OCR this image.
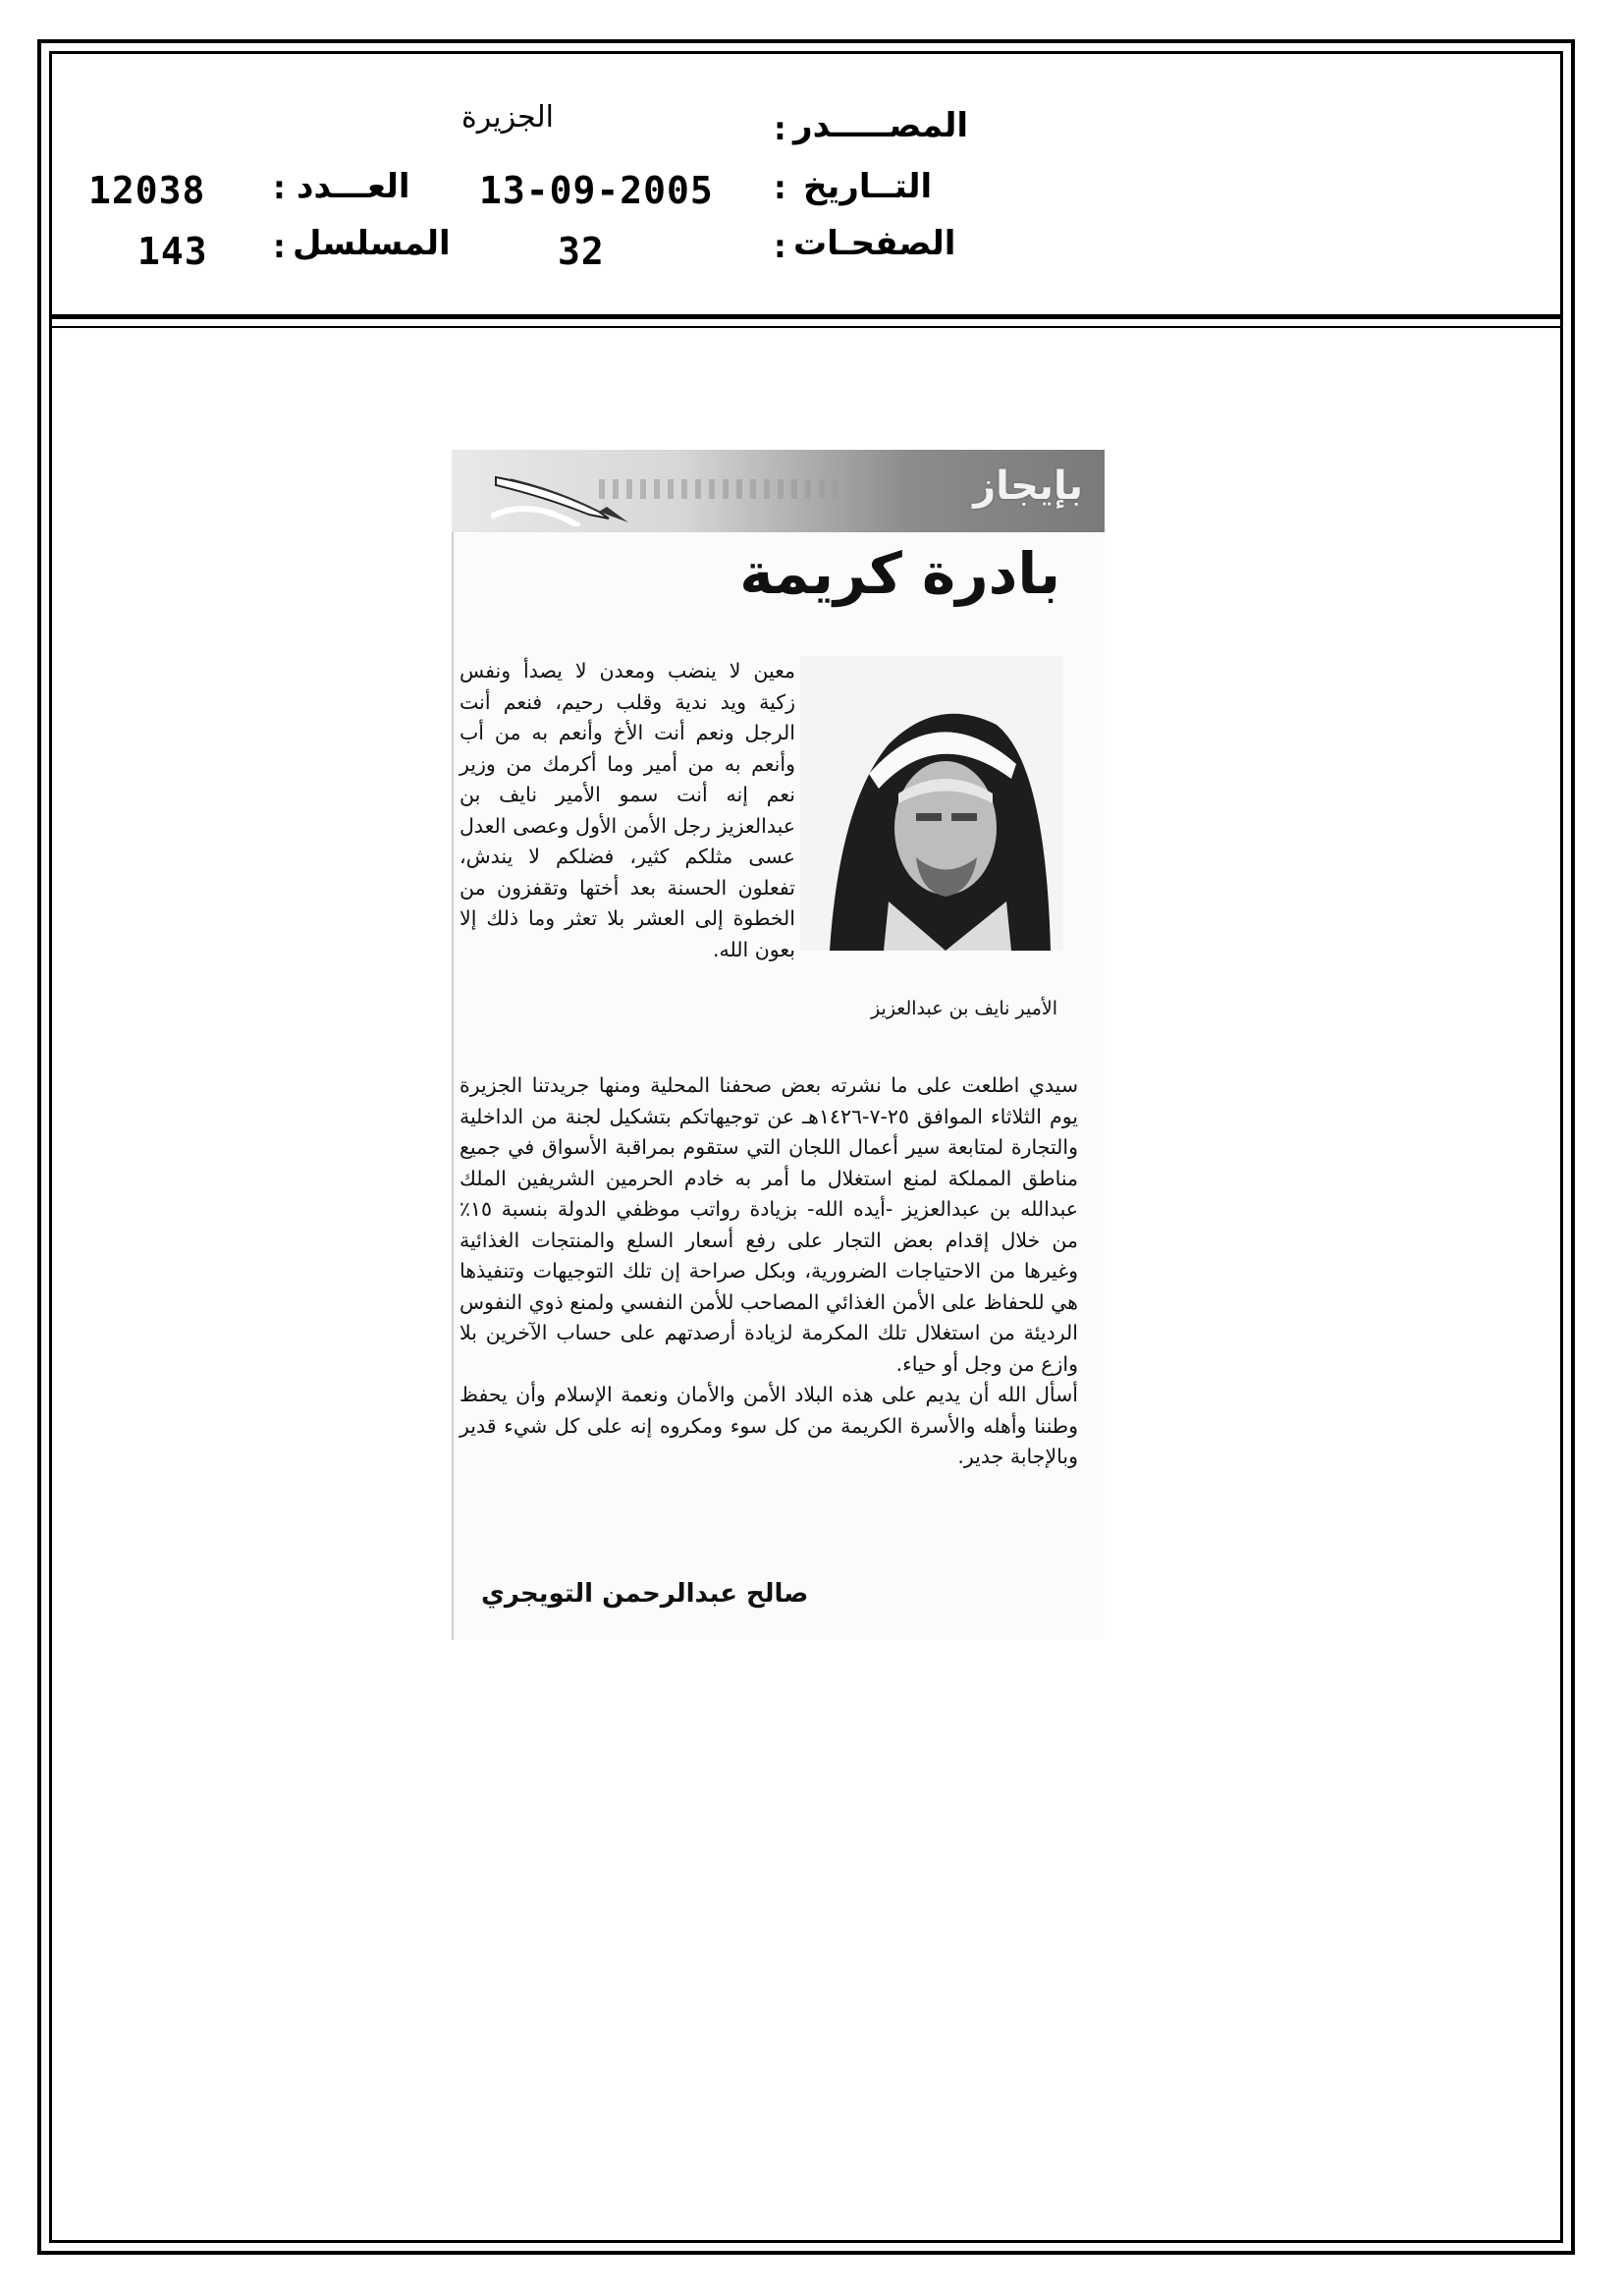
المصـــــدر
:
الجزيرة
التــاريخ
:
13-09-2005
الصفحـات
:
32
العـــدد
:
12038
المسلسل
:
143
بإيجاز
بادرة كريمة
الأمير نايف بن عبدالعزيز

معين لا ينضب ومعدن لا يصدأ ونفس زكية ويد ندية وقلب رحيم، فنعم أنت الرجل ونعم أنت الأخ وأنعم به من أب وأنعم به من أمير وما أكرمك من وزير نعم إنه أنت سمو الأمير نايف بن عبدالعزيز رجل الأمن الأول وعصى العدل عسى مثلكم كثير، فضلكم لا يندش، تفعلون الحسنة بعد أختها وتقفزون من الخطوة إلى العشر بلا تعثر وما ذلك إلا بعون الله.

سيدي اطلعت على ما نشرته بعض صحفنا المحلية ومنها جريدتنا الجزيرة يوم الثلاثاء الموافق ٢٥-٧-١٤٢٦هـ عن توجيهاتكم بتشكيل لجنة من الداخلية والتجارة لمتابعة سير أعمال اللجان التي ستقوم بمراقبة الأسواق في جميع مناطق المملكة لمنع استغلال ما أمر به خادم الحرمين الشريفين الملك عبدالله بن عبدالعزيز -أيده الله- بزيادة رواتب موظفي الدولة بنسبة ١٥٪ من خلال إقدام بعض التجار على رفع أسعار السلع والمنتجات الغذائية وغيرها من الاحتياجات الضرورية، وبكل صراحة إن تلك التوجيهات وتنفيذها هي للحفاظ على الأمن الغذائي المصاحب للأمن النفسي ولمنع ذوي النفوس الرديئة من استغلال تلك المكرمة لزيادة أرصدتهم على حساب الآخرين بلا وازع من وجل أو حياء.

أسأل الله أن يديم على هذه البلاد الأمن والأمان ونعمة الإسلام وأن يحفظ وطننا وأهله والأسرة الكريمة من كل سوء ومكروه إنه على كل شيء قدير وبالإجابة جدير.

صالح عبدالرحمن التويجري
